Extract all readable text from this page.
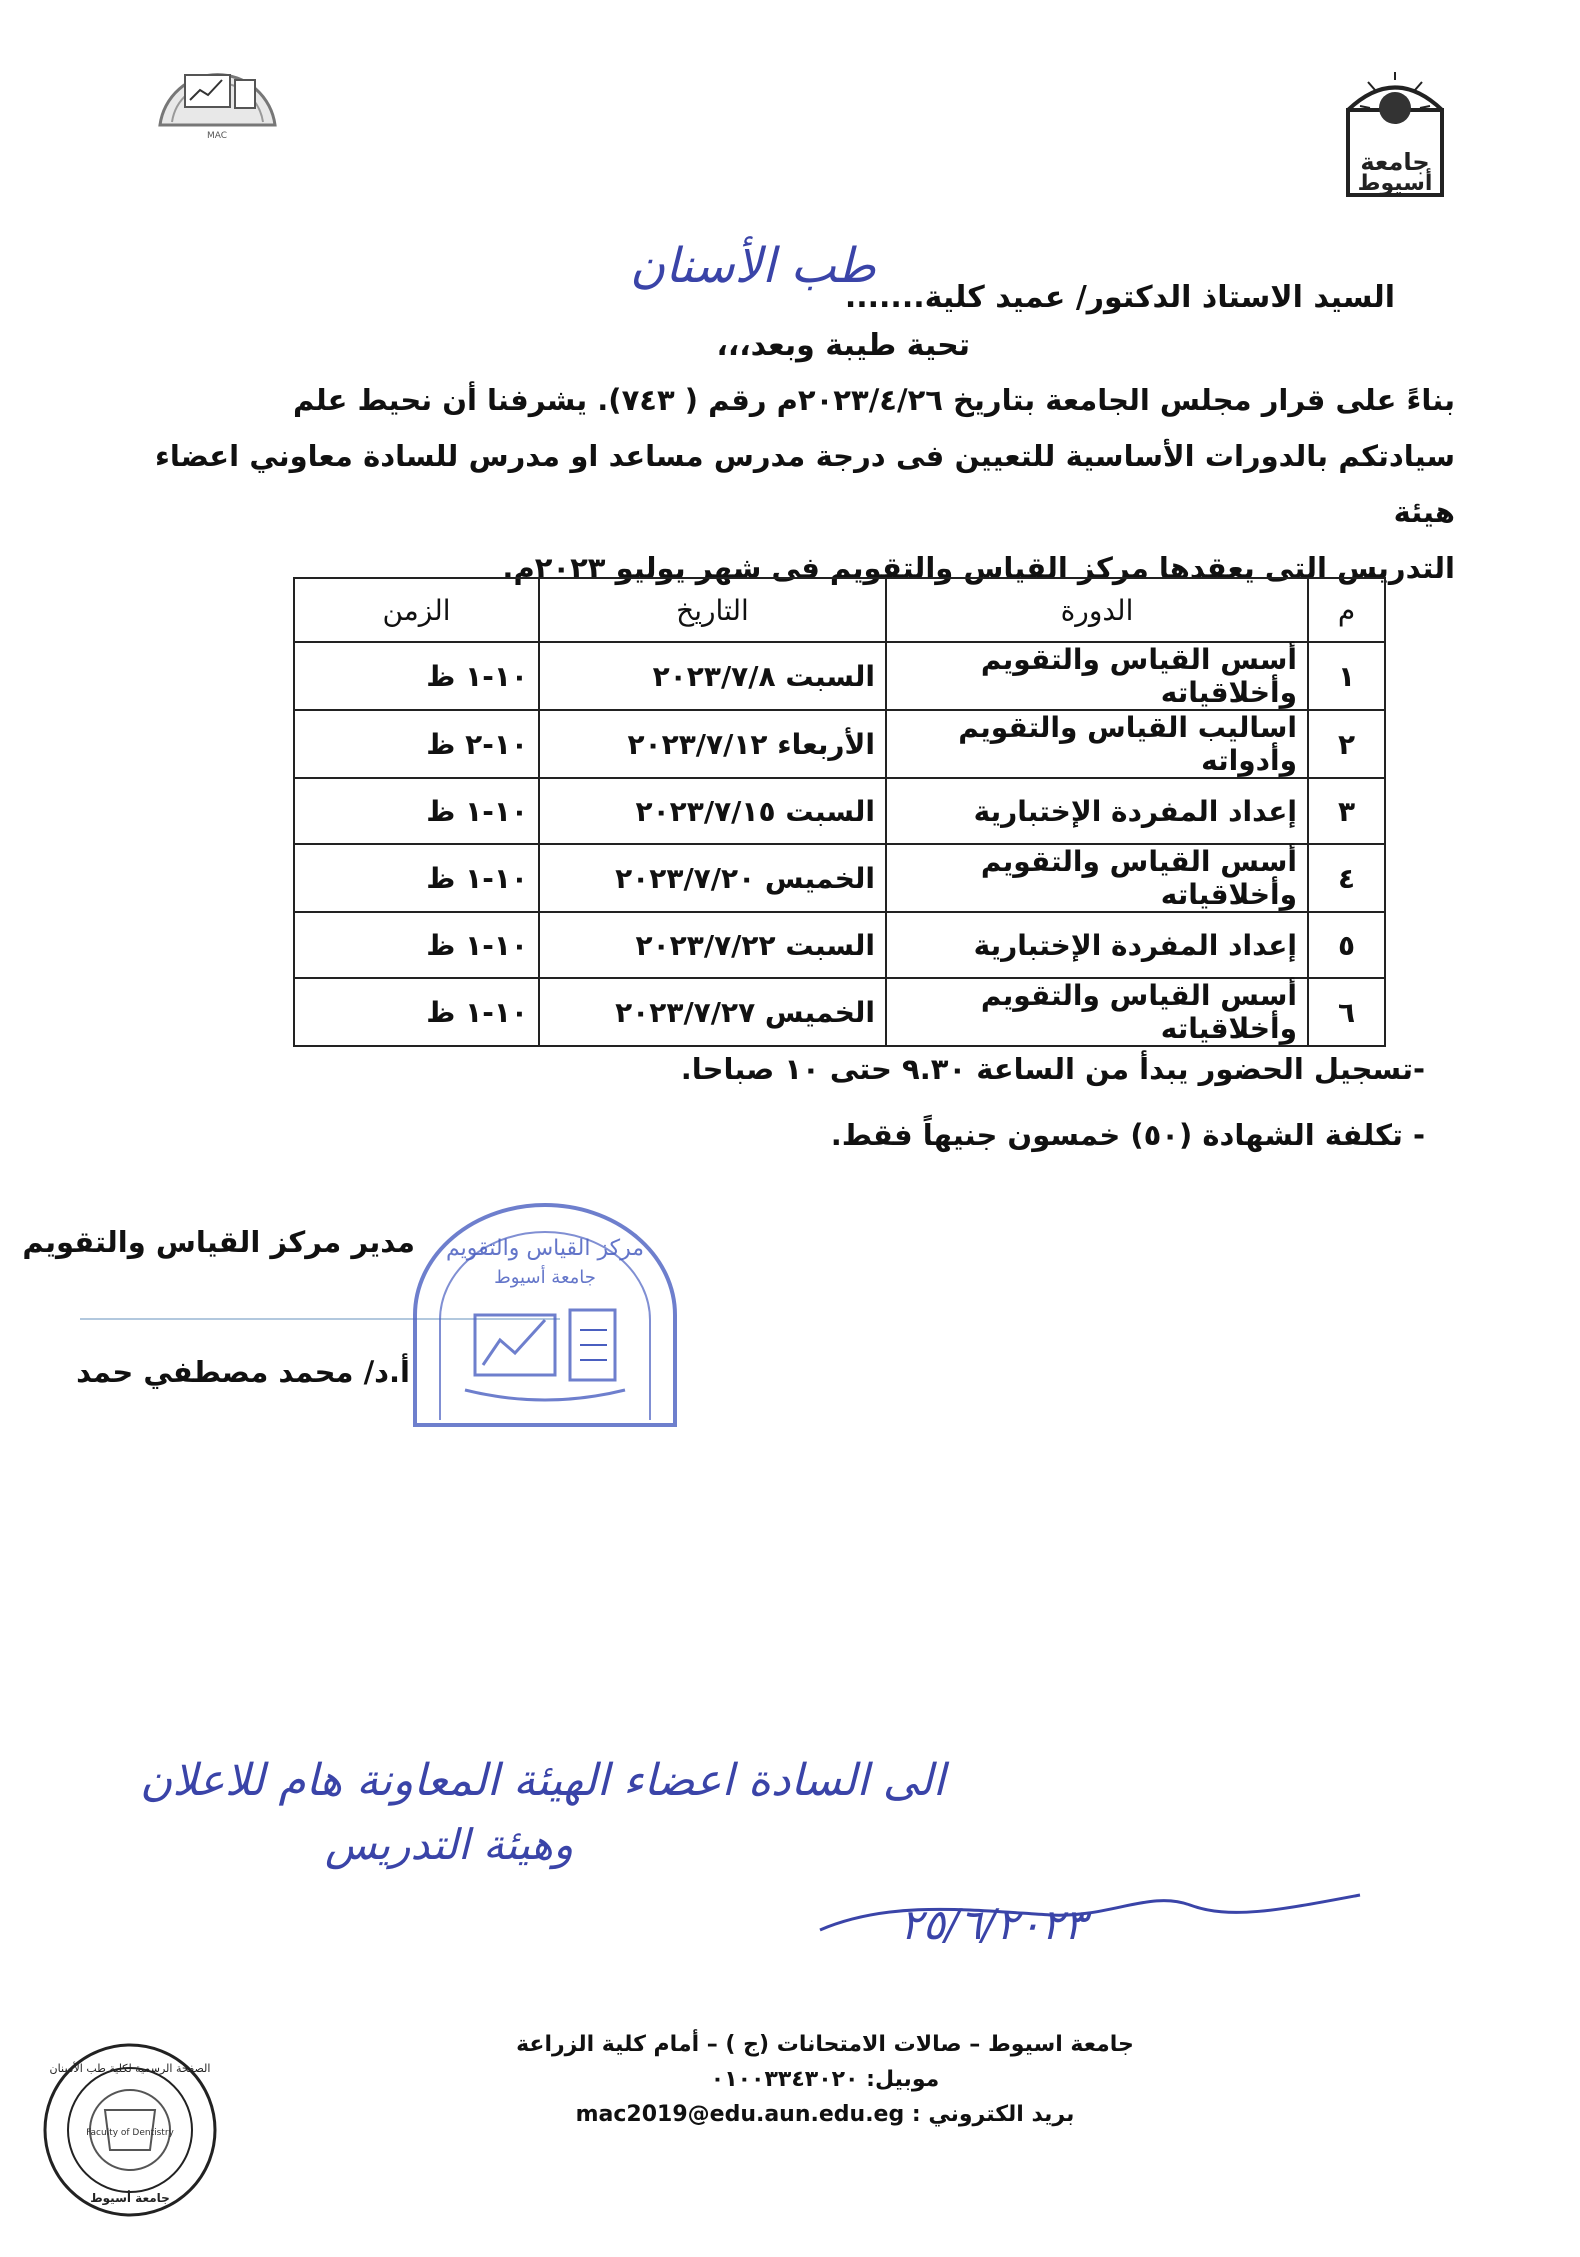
MAC
جامعة
أسيوط
السيد الاستاذ الدكتور/ عميد كلية.......
طب الأسنان
تحية طيبة وبعد،،،
بناءً على قرار مجلس الجامعة بتاريخ ٢٠٢٣/٤/٢٦م رقم ( ٧٤٣). يشرفنا أن نحيط علم
سيادتكم بالدورات الأساسية للتعيين فى درجة مدرس مساعد او مدرس للسادة معاوني اعضاء هيئة
التدريس التى يعقدها مركز القياس والتقويم فى شهر يوليو ٢٠٢٣م.
م	الدورة	التاريخ	الزمن
١	أسس القياس والتقويم وأخلاقياته	السبت ٢٠٢٣/٧/٨	١٠-١ ظ
٢	اساليب القياس والتقويم وأدواته	الأربعاء ٢٠٢٣/٧/١٢	١٠-٢ ظ
٣	إعداد المفردة الإختبارية	السبت ٢٠٢٣/٧/١٥	١٠-١ ظ
٤	أسس القياس والتقويم وأخلاقياته	الخميس ٢٠٢٣/٧/٢٠	١٠-١ ظ
٥	إعداد المفردة الإختبارية	السبت ٢٠٢٣/٧/٢٢	١٠-١ ظ
٦	أسس القياس والتقويم وأخلاقياته	الخميس ٢٠٢٣/٧/٢٧	١٠-١ ظ
-تسجيل الحضور يبدأ من الساعة ٩.٣٠ حتى ١٠ صباحا.
- تكلفة الشهادة (٥٠) خمسون جنيهاً فقط.
مدير مركز القياس والتقويم
أ.د/ محمد مصطفي حمد
مركز القياس والتقويم
جامعة أسيوط
الى السادة اعضاء الهيئة المعاونة هام للاعلان
وهيئة التدريس
٢٥/٦/٢٠٢٣
جامعة اسيوط – صالات الامتحانات (ج ) – أمام كلية الزراعة
موبيل: ٠١٠٠٣٣٤٣٠٢٠
بريد الكتروني : mac2019@edu.aun.edu.eg
Faculty of Dentistry
الصفحة الرسمية لكلية طب الأسنان
جامعة أسيوط
